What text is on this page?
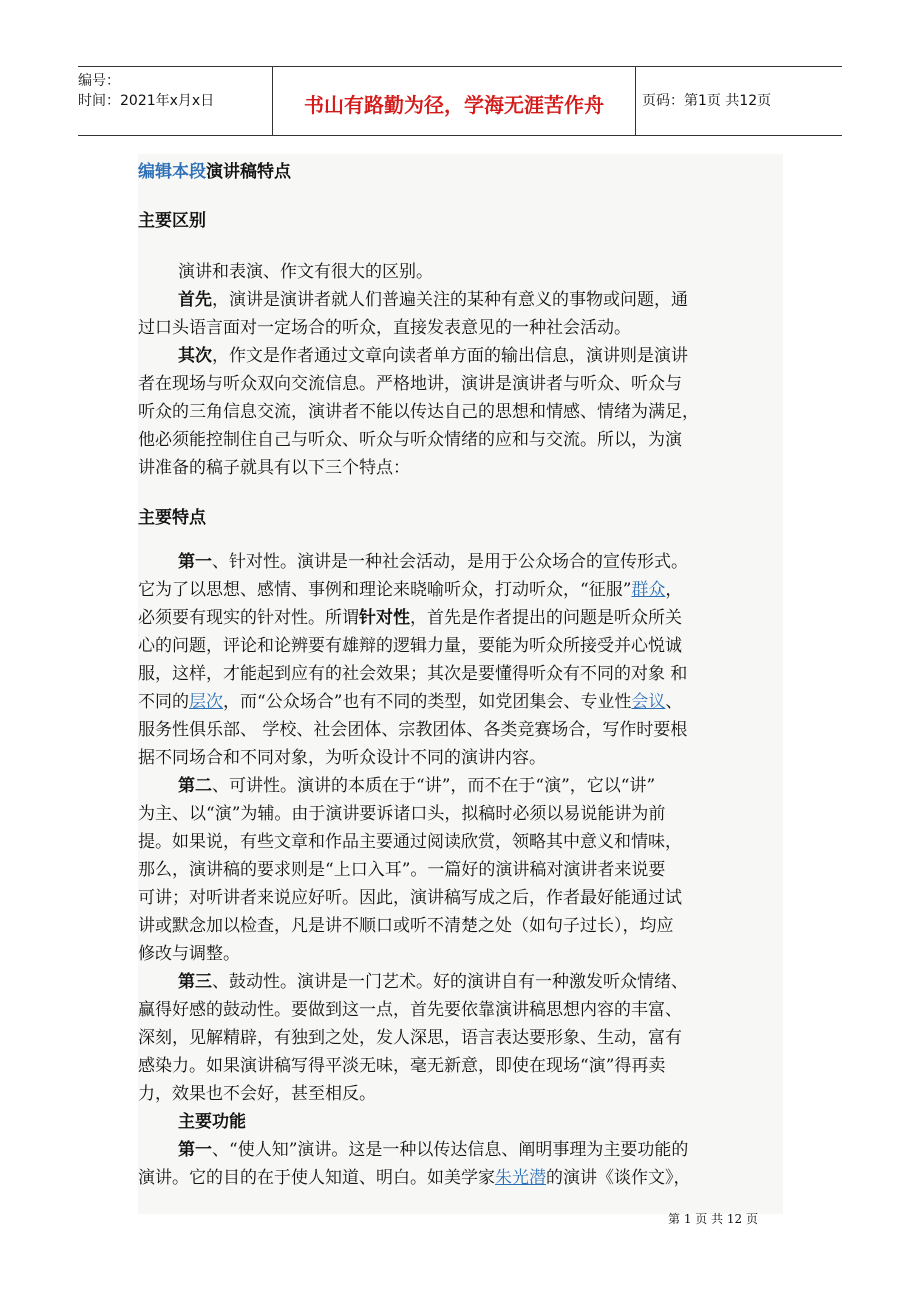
编号：
时间：2021年x月x日	书山有路勤为径，学海无涯苦作舟	页码：第1页 共12页
编辑本段演讲稿特点
主要区别
演讲和表演、作文有很大的区别。
首先，演讲是演讲者就人们普遍关注的某种有意义的事物或问题，通
过口头语言面对一定场合的听众，直接发表意见的一种社会活动。
其次，作文是作者通过文章向读者单方面的输出信息，演讲则是演讲
者在现场与听众双向交流信息。严格地讲，演讲是演讲者与听众、听众与
听众的三角信息交流，演讲者不能以传达自己的思想和情感、情绪为满足，
他必须能控制住自己与听众、听众与听众情绪的应和与交流。所以，为演
讲准备的稿子就具有以下三个特点：
主要特点
第一、针对性。演讲是一种社会活动，是用于公众场合的宣传形式。
它为了以思想、感情、事例和理论来晓喻听众，打动听众，“征服”群众，
必须要有现实的针对性。所谓针对性，首先是作者提出的问题是听众所关
心的问题，评论和论辨要有雄辩的逻辑力量，要能为听众所接受并心悦诚
服，这样，才能起到应有的社会效果；其次是要懂得听众有不同的对象 和
不同的层次，而“公众场合”也有不同的类型，如党团集会、专业性会议、
服务性俱乐部、 学校、社会团体、宗教团体、各类竞赛场合，写作时要根
据不同场合和不同对象，为听众设计不同的演讲内容。
第二、可讲性。演讲的本质在于“讲”，而不在于“演”，它以“讲”
为主、以“演”为辅。由于演讲要诉诸口头，拟稿时必须以易说能讲为前
提。如果说，有些文章和作品主要通过阅读欣赏，领略其中意义和情味，
那么，演讲稿的要求则是“上口入耳”。一篇好的演讲稿对演讲者来说要
可讲；对听讲者来说应好听。因此，演讲稿写成之后，作者最好能通过试
讲或默念加以检查，凡是讲不顺口或听不清楚之处（如句子过长），均应
修改与调整。
第三、鼓动性。演讲是一门艺术。好的演讲自有一种激发听众情绪、
赢得好感的鼓动性。要做到这一点，首先要依靠演讲稿思想内容的丰富、
深刻，见解精辟，有独到之处，发人深思，语言表达要形象、生动，富有
感染力。如果演讲稿写得平淡无味，毫无新意，即使在现场“演”得再卖
力，效果也不会好，甚至相反。
主要功能
第一、“使人知”演讲。这是一种以传达信息、阐明事理为主要功能的
演讲。它的目的在于使人知道、明白。如美学家朱光潜的演讲《谈作文》，
第 1 页 共 12 页
